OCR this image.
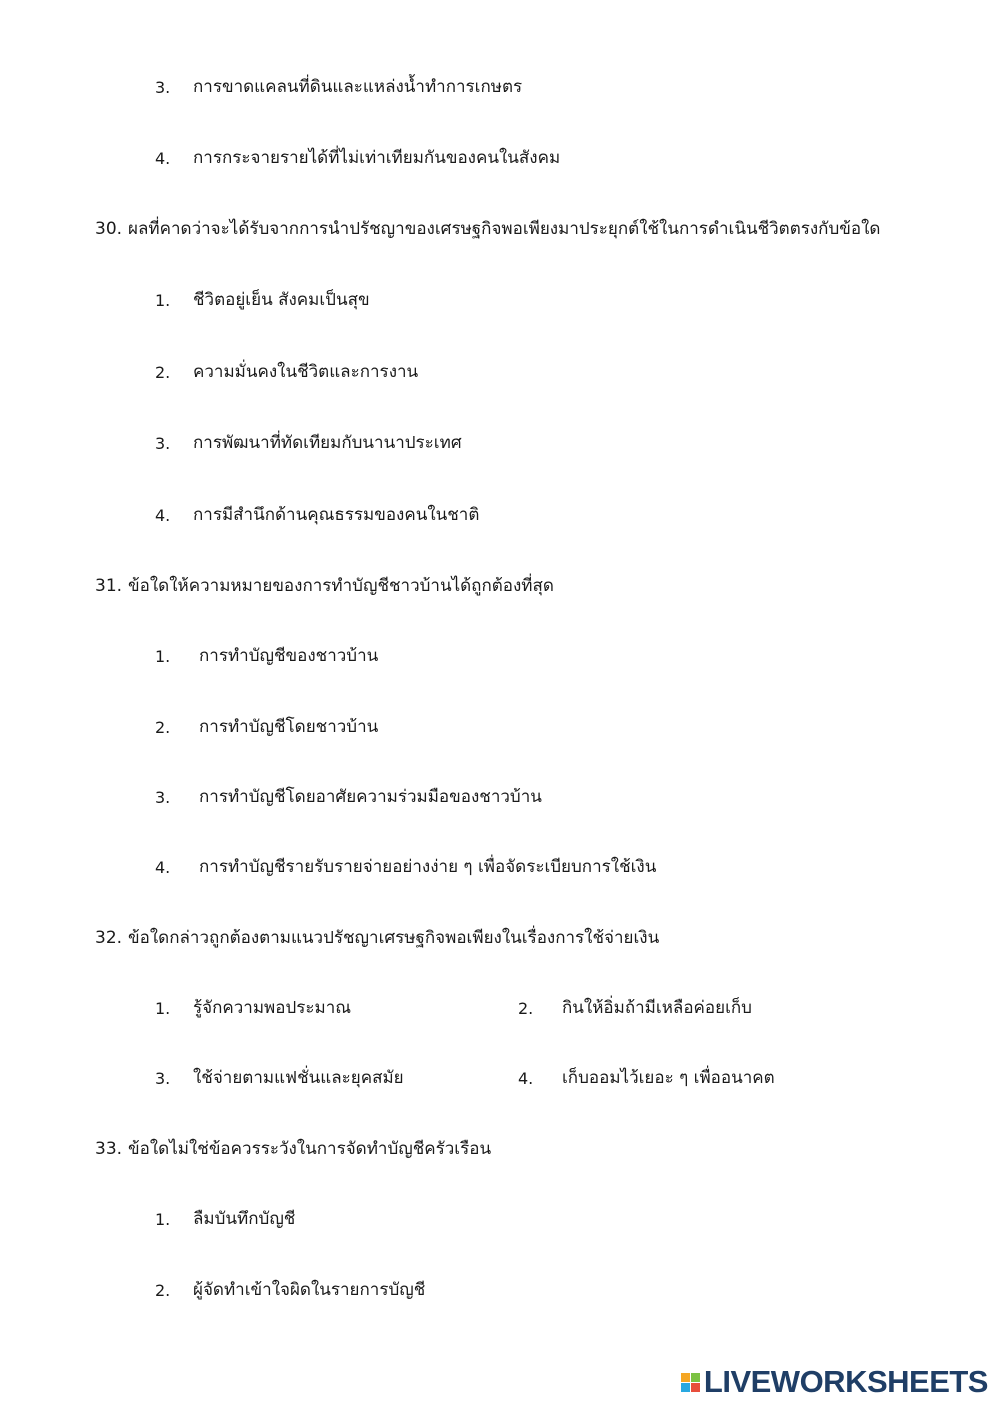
3. การขาดแคลนที่ดินและแหล่งน้ำทำการเกษตร
4. การกระจายรายได้ที่ไม่เท่าเทียมกันของคนในสังคม
30. ผลที่คาดว่าจะได้รับจากการนำปรัชญาของเศรษฐกิจพอเพียงมาประยุกต์ใช้ในการดำเนินชีวิตตรงกับข้อใด
1. ชีวิตอยู่เย็น สังคมเป็นสุข
2. ความมั่นคงในชีวิตและการงาน
3. การพัฒนาที่ทัดเทียมกับนานาประเทศ
4. การมีสำนึกด้านคุณธรรมของคนในชาติ
31. ข้อใดให้ความหมายของการทำบัญชีชาวบ้านได้ถูกต้องที่สุด
1. การทำบัญชีของชาวบ้าน
2. การทำบัญชีโดยชาวบ้าน
3. การทำบัญชีโดยอาศัยความร่วมมือของชาวบ้าน
4. การทำบัญชีรายรับรายจ่ายอย่างง่าย ๆ เพื่อจัดระเบียบการใช้เงิน
32. ข้อใดกล่าวถูกต้องตามแนวปรัชญาเศรษฐกิจพอเพียงในเรื่องการใช้จ่ายเงิน
1. รู้จักความพอประมาณ	2. กินให้อิ่มถ้ามีเหลือค่อยเก็บ
3. ใช้จ่ายตามแฟชั่นและยุคสมัย	4. เก็บออมไว้เยอะ ๆ เพื่ออนาคต
33. ข้อใดไม่ใช่ข้อควรระวังในการจัดทำบัญชีครัวเรือน
1. ลืมบันทึกบัญชี
2. ผู้จัดทำเข้าใจผิดในรายการบัญชี
LIVEWORKSHEETS
